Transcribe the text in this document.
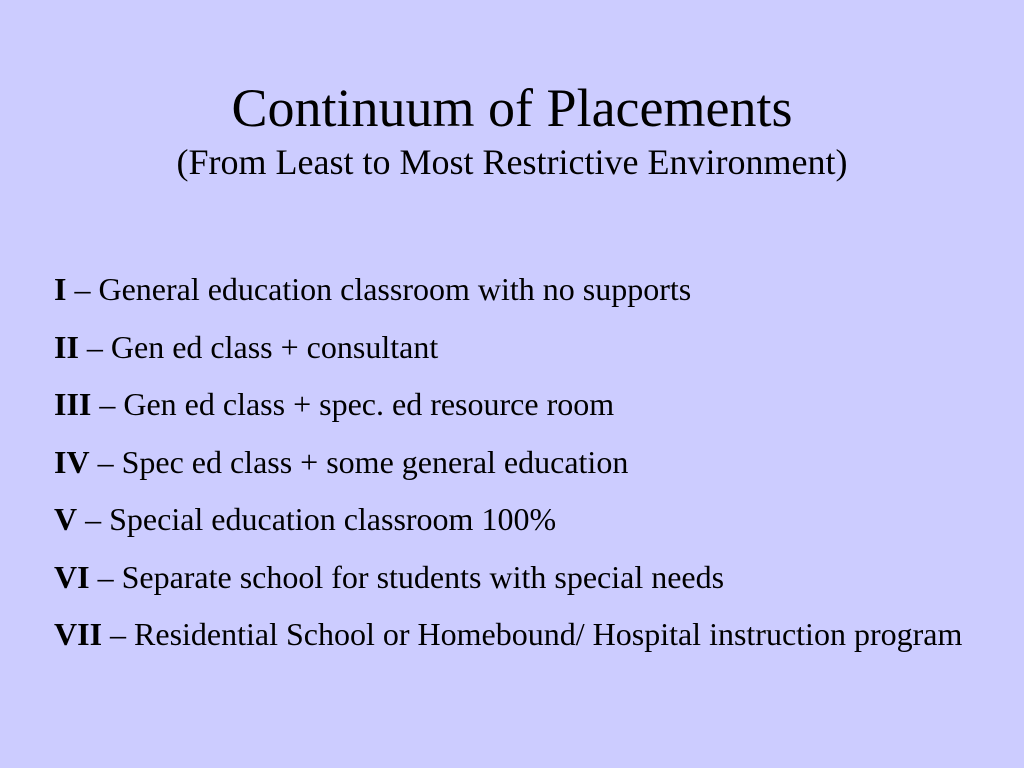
Continuum of Placements
(From Least to Most Restrictive Environment)
I – General education classroom with no supports
II – Gen ed class + consultant
III – Gen ed class + spec. ed resource room
IV – Spec ed class + some general education
V – Special education classroom 100%
VI – Separate school for students with special needs
VII – Residential School or Homebound/ Hospital instruction program
